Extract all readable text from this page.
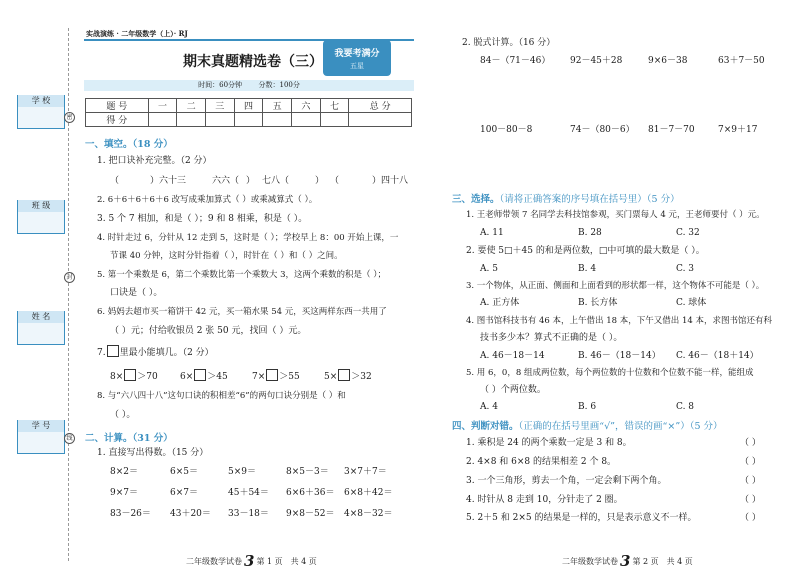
学 校
班 级
姓 名
学 号
密
封
线
实战演练 · 二年级数学（上）· RJ
期末真题精选卷（三）	我要考满分
五星
时间：60分钟 分数：100分
题 号	一	二	三	四	五	六	七	总 分
得 分								
一、填空。（18 分）
1. 把口诀补充完整。（2 分）
（	）六十三	六六（ ） 七八（	） （	）四十八
2. 6＋6＋6＋6＋6 改写成乘加算式（ ）或乘减算式（ ）。
3. 5 个 7 相加，和是（ ）；9 和 8 相乘，积是（ ）。
4. 时针走过 6，分针从 12 走到 5，这时是（ ）；学校早上 8：00 开始上课，一
节课 40 分钟，这时分针指着（ ），时针在（ ）和（ ）之间。
5. 第一个乘数是 6，第二个乘数比第一个乘数大 3，这两个乘数的积是（ ）；
口诀是（ ）。
6. 妈妈去超市买一箱饼干 42 元，买一箱水果 54 元，买这两样东西一共用了
（ ）元；付给收银员 2 张 50 元，找回（ ）元。
7. 里最小能填几。（2 分）
8× ＞70 6× ＞45	7× ＞55	5× ＞32
8. 与“六八四十八”这句口诀的积相差“6”的两句口诀分别是（ ）和
（ ）。
二、计算。（31 分）
1. 直接写出得数。（15 分）
8×2＝	6×5＝	5×9＝	8×5－3＝ 3×7＋7＝
9×7＝	6×7＝	45＋54＝ 6×6＋36＝ 6×8＋42＝
83－26＝ 43＋20＝ 33－18＝ 9×8－52＝ 4×8－32＝
2. 脱式计算。（16 分）
84－（71－46） 92－45＋28	9×6－38	63＋7－50
100－80－8	74－（80－6） 81－7－70	7×9＋17
三、选择。（请将正确答案的序号填在括号里）（5 分）
1. 王老师带领 7 名同学去科技馆参观，买门票每人 4 元，王老师要付（ ）元。
A. 11	B. 28	C. 32
2. 要使 5□＋45 的和是两位数，□中可填的最大数是（ ）。
A. 5	B. 4	C. 3
3. 一个物体，从正面、侧面和上面看到的形状都一样，这个物体不可能是（ ）。
A. 正方体	B. 长方体	C. 球体
4. 图书馆科技书有 46 本，上午借出 18 本，下午又借出 14 本，求图书馆还有科
技书多少本？算式不正确的是（ ）。
A. 46－18－14	B. 46－（18－14） C. 46－（18＋14）
5. 用 6，0，8 组成两位数，每个两位数的十位数和个位数不能一样，能组成
（ ）个两位数。
A. 4	B. 6	C. 8
四、判断对错。（正确的在括号里画“√”，错误的画“×”）（5 分）
1. 乘积是 24 的两个乘数一定是 3 和 8。	（ ）
2. 4×8 和 6×8 的结果相差 2 个 8。	（ ）
3. 一个三角形，剪去一个角，一定会剩下两个角。	（ ）
4. 时针从 8 走到 10，分针走了 2 圈。	（ ）
5. 2＋5 和 2×5 的结果是一样的，只是表示意义不一样。	（ ）
二年级数学试卷 3 第 1 页　共 4 页	二年级数学试卷 3 第 2 页　共 4 页
